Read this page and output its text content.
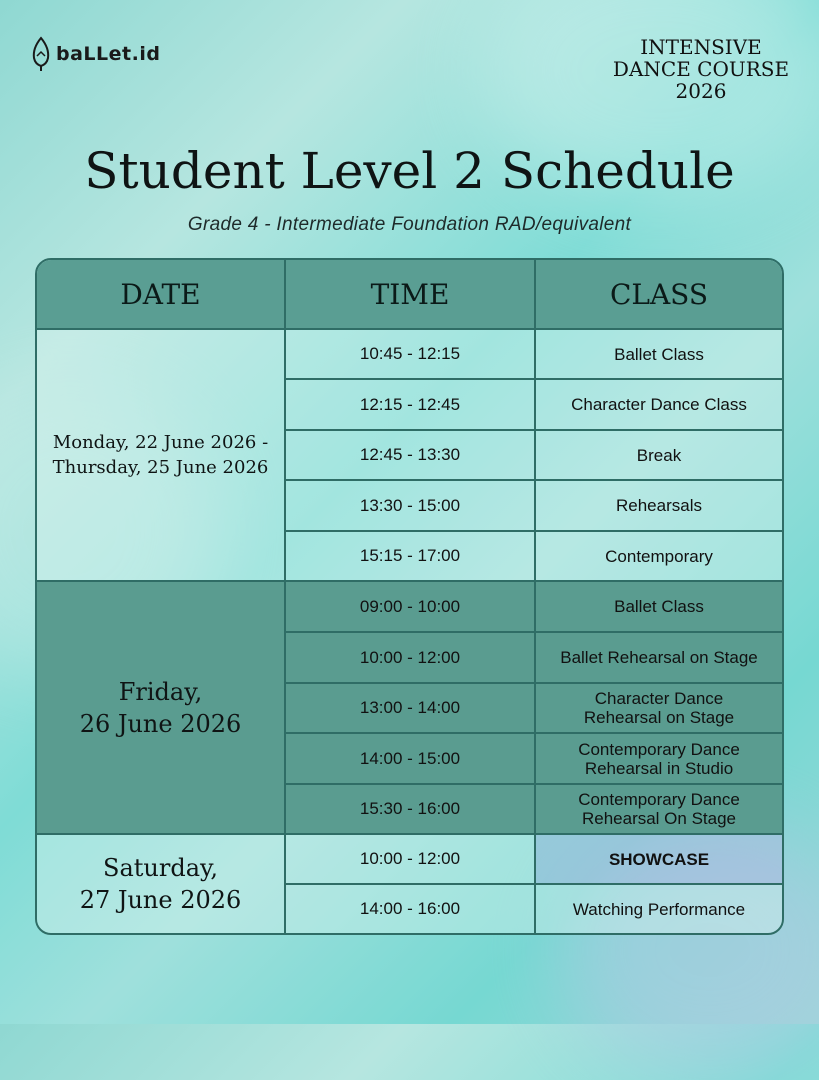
baLLet.id	INTENSIVE
DANCE COURSE
2026
Student Level 2 Schedule
Grade 4 - Intermediate Foundation RAD/equivalent
DATE	TIME	CLASS
Monday, 22 June 2026 -
Thursday, 25 June 2026
10:45 - 12:15	Ballet Class
12:15 - 12:45	Character Dance Class
12:45 - 13:30	Break
13:30 - 15:00	Rehearsals
15:15 - 17:00	Contemporary
Friday,
26 June 2026
09:00 - 10:00	Ballet Class
10:00 - 12:00	Ballet Rehearsal on Stage
13:00 - 14:00	Character Dance
Rehearsal on Stage
14:00 - 15:00	Contemporary Dance
Rehearsal in Studio
15:30 - 16:00	Contemporary Dance
Rehearsal On Stage
Saturday,
27 June 2026
10:00 - 12:00	SHOWCASE
14:00 - 16:00	Watching Performance
